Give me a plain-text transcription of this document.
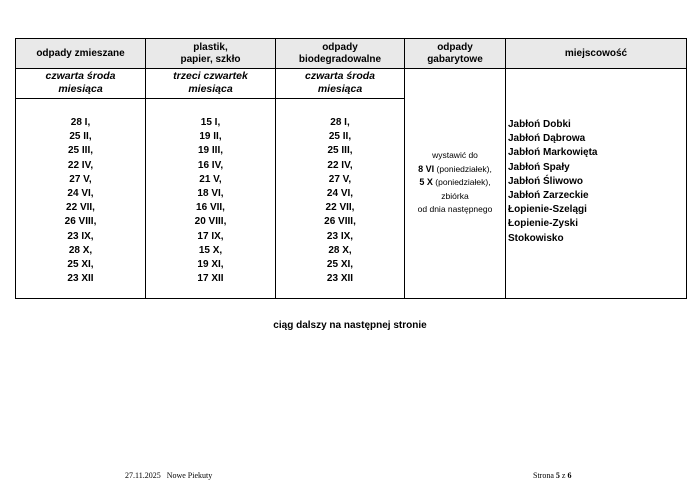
odpady zmieszane
plastik,
papier, szkło
odpady
biodegradowalne
odpady
gabarytowe
miejscowość
czwarta środa
miesiąca
trzeci czwartek
miesiąca
czwarta środa
miesiąca
28 I,
25 II,
25 III,
22 IV,
27 V,
24 VI,
22 VII,
26 VIII,
23 IX,
28 X,
25 XI,
23 XII
15 I,
19 II,
19 III,
16 IV,
21 V,
18 VI,
16 VII,
20 VIII,
17 IX,
15 X,
19 XI,
17 XII
28 I,
25 II,
25 III,
22 IV,
27 V,
24 VI,
22 VII,
26 VIII,
23 IX,
28 X,
25 XI,
23 XII
wystawić do
8 VI (poniedziałek),
5 X (poniedziałek),
zbiórka
od dnia następnego
Jabłoń Dobki
Jabłoń Dąbrowa
Jabłoń Markowięta
Jabłoń Spały
Jabłoń Śliwowo
Jabłoń Zarzeckie
Łopienie-Szelągi
Łopienie-Zyski
Stokowisko
ciąg dalszy na następnej stronie
27.11.2025 Nowe Piekuty	Strona 5 z 6
